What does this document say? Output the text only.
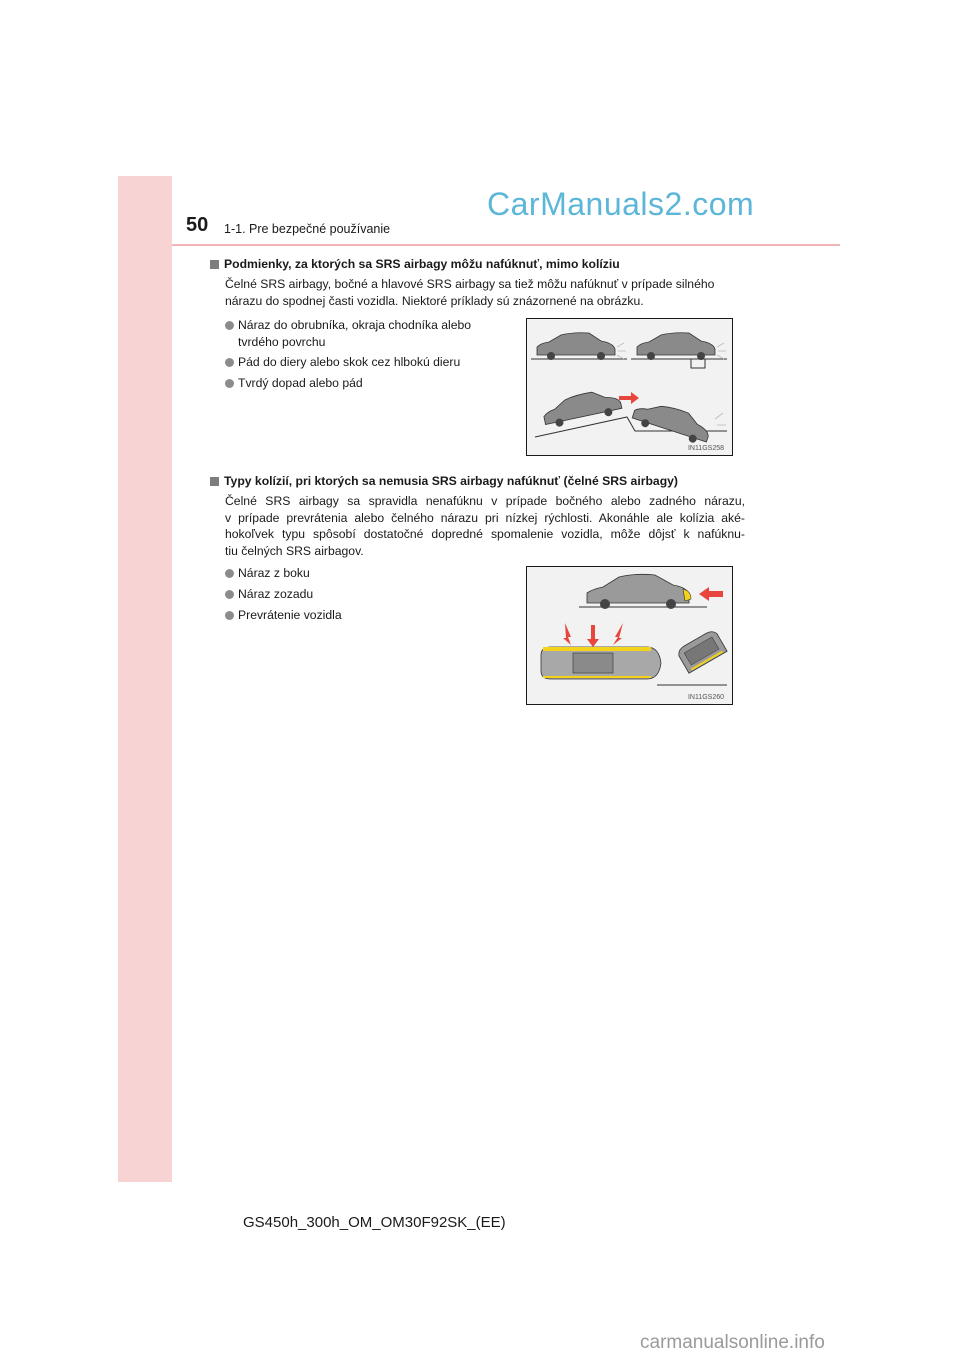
50 1-1. Pre bezpečné používanie
CarManuals2.com
Podmienky, za ktorých sa SRS airbagy môžu nafúknuť, mimo kolíziu
Čelné SRS airbagy, bočné a hlavové SRS airbagy sa tiež môžu nafúknuť v prípade silného
nárazu do spodnej časti vozidla. Niektoré príklady sú znázornené na obrázku.
Náraz do obrubníka, okraja chodníka alebo
tvrdého povrchu
Pád do diery alebo skok cez hlbokú dieru
Tvrdý dopad alebo pád
IN11GS258
Typy kolízií, pri ktorých sa nemusia SRS airbagy nafúknuť (čelné SRS airbagy)
Čelné SRS airbagy sa spravidla nenafúknu v prípade bočného alebo zadného nárazu,
v prípade prevrátenia alebo čelného nárazu pri nízkej rýchlosti. Akonáhle ale kolízia aké-
hokoľvek typu spôsobí dostatočné dopredné spomalenie vozidla, môže dôjsť k nafúknu-
tiu čelných SRS airbagov.
Náraz z boku
Náraz zozadu
Prevrátenie vozidla
IN11GS260
GS450h_300h_OM_OM30F92SK_(EE)
carmanualsonline.info
